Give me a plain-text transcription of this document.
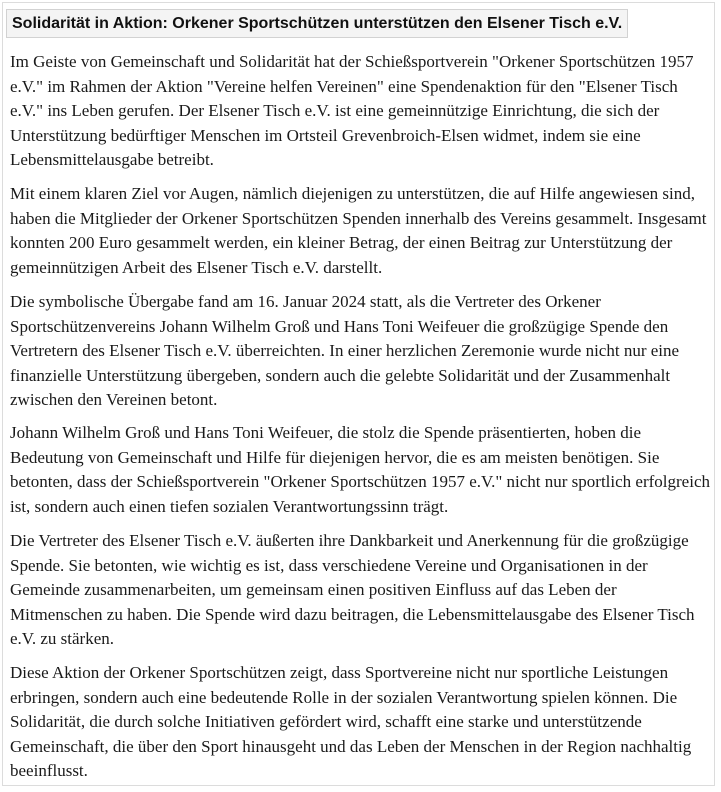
Solidarität in Aktion: Orkener Sportschützen unterstützen den Elsener Tisch e.V.

Im Geiste von Gemeinschaft und Solidarität hat der Schießsportverein "Orkener Sportschützen 1957 e.V." im Rahmen der Aktion "Vereine helfen Vereinen" eine Spendenaktion für den "Elsener Tisch e.V." ins Leben gerufen. Der Elsener Tisch e.V. ist eine gemeinnützige Einrichtung, die sich der Unterstützung bedürftiger Menschen im Ortsteil Grevenbroich-Elsen widmet, indem sie eine Lebensmittelausgabe betreibt.

Mit einem klaren Ziel vor Augen, nämlich diejenigen zu unterstützen, die auf Hilfe angewiesen sind, haben die Mitglieder der Orkener Sportschützen Spenden innerhalb des Vereins gesammelt. Insgesamt konnten 200 Euro gesammelt werden, ein kleiner Betrag, der einen Beitrag zur Unterstützung der gemeinnützigen Arbeit des Elsener Tisch e.V. darstellt.

Die symbolische Übergabe fand am 16. Januar 2024 statt, als die Vertreter des Orkener Sportschützenvereins Johann Wilhelm Groß und Hans Toni Weifeuer die großzügige Spende den Vertretern des Elsener Tisch e.V. überreichten. In einer herzlichen Zeremonie wurde nicht nur eine finanzielle Unterstützung übergeben, sondern auch die gelebte Solidarität und der Zusammenhalt zwischen den Vereinen betont.

Johann Wilhelm Groß und Hans Toni Weifeuer, die stolz die Spende präsentierten, hoben die Bedeutung von Gemeinschaft und Hilfe für diejenigen hervor, die es am meisten benötigen. Sie betonten, dass der Schießsportverein "Orkener Sportschützen 1957 e.V." nicht nur sportlich erfolgreich ist, sondern auch einen tiefen sozialen Verantwortungssinn trägt.

Die Vertreter des Elsener Tisch e.V. äußerten ihre Dankbarkeit und Anerkennung für die großzügige Spende. Sie betonten, wie wichtig es ist, dass verschiedene Vereine und Organisationen in der Gemeinde zusammenarbeiten, um gemeinsam einen positiven Einfluss auf das Leben der Mitmenschen zu haben. Die Spende wird dazu beitragen, die Lebensmittelausgabe des Elsener Tisch e.V. zu stärken.

Diese Aktion der Orkener Sportschützen zeigt, dass Sportvereine nicht nur sportliche Leistungen erbringen, sondern auch eine bedeutende Rolle in der sozialen Verantwortung spielen können. Die Solidarität, die durch solche Initiativen gefördert wird, schafft eine starke und unterstützende Gemeinschaft, die über den Sport hinausgeht und das Leben der Menschen in der Region nachhaltig beeinflusst.
